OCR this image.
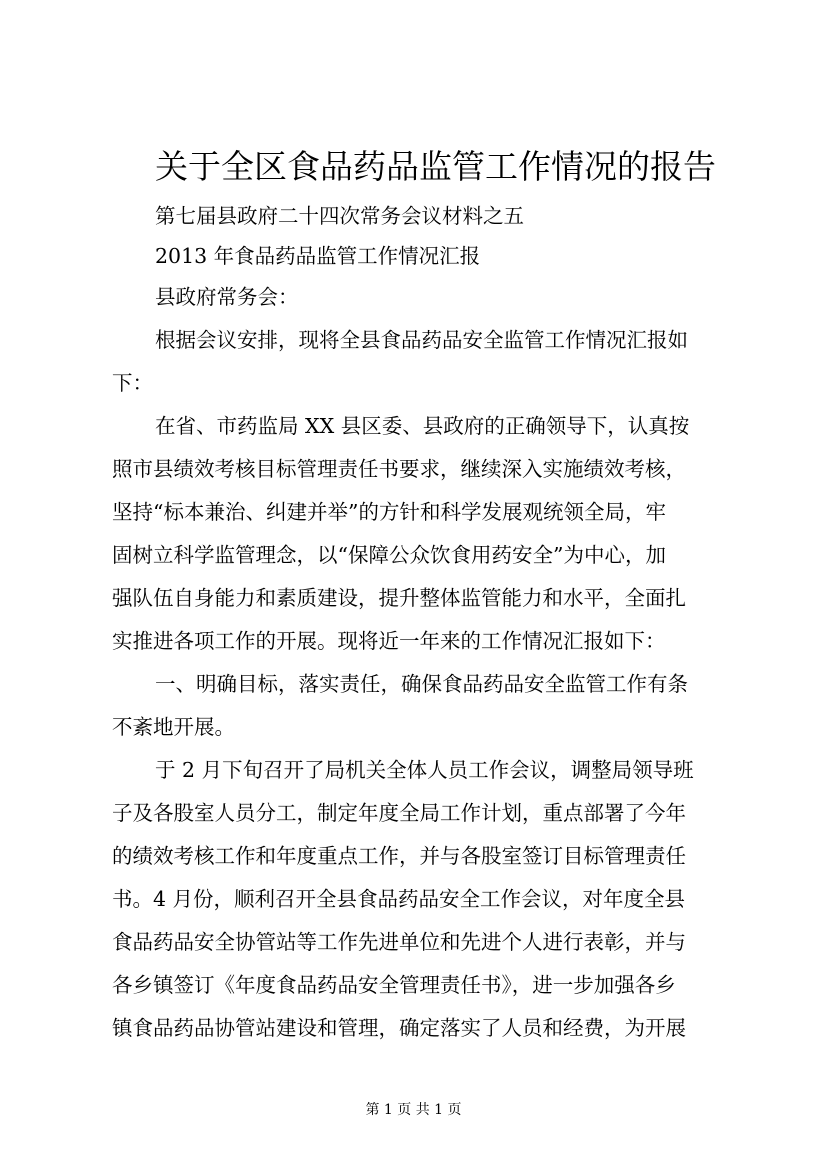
关于全区食品药品监管工作情况的报告
第七届县政府二十四次常务会议材料之五
2013 年食品药品监管工作情况汇报
县政府常务会：
根据会议安排，现将全县食品药品安全监管工作情况汇报如
下：
在省、市药监局 XX 县区委、县政府的正确领导下，认真按
照市县绩效考核目标管理责任书要求，继续深入实施绩效考核，
坚持“标本兼治、纠建并举”的方针和科学发展观统领全局，牢
固树立科学监管理念，以“保障公众饮食用药安全”为中心，加
强队伍自身能力和素质建设，提升整体监管能力和水平，全面扎
实推进各项工作的开展。现将近一年来的工作情况汇报如下：
一、明确目标，落实责任，确保食品药品安全监管工作有条
不紊地开展。
于 2 月下旬召开了局机关全体人员工作会议，调整局领导班
子及各股室人员分工，制定年度全局工作计划，重点部署了今年
的绩效考核工作和年度重点工作，并与各股室签订目标管理责任
书。4 月份，顺利召开全县食品药品安全工作会议，对年度全县
食品药品安全协管站等工作先进单位和先进个人进行表彰，并与
各乡镇签订《年度食品药品安全管理责任书》，进一步加强各乡
镇食品药品协管站建设和管理，确定落实了人员和经费，为开展
第 1 页 共 1 页
